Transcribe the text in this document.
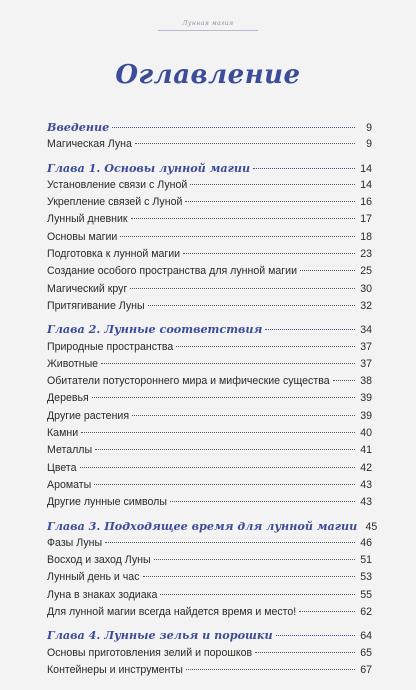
Лунная магия
Оглавление
Введение	9
Магическая Луна	9
Глава 1. Основы лунной магии	14
Установление связи с Луной	14
Укрепление связей с Луной	16
Лунный дневник	17
Основы магии	18
Подготовка к лунной магии	23
Создание особого пространства для лунной магии	25
Магический круг	30
Притягивание Луны	32
Глава 2. Лунные соответствия	34
Природные пространства	37
Животные	37
Обитатели потустороннего мира и мифические существа	38
Деревья	39
Другие растения	39
Камни	40
Металлы	41
Цвета	42
Ароматы	43
Другие лунные символы	43
Глава 3. Подходящее время для лунной магии 45
Фазы Луны	46
Восход и заход Луны	51
Лунный день и час	53
Луна в знаках зодиака	55
Для лунной магии всегда найдется время и место!	62
Глава 4. Лунные зелья и порошки	64
Основы приготовления зелий и порошков	65
Контейнеры и инструменты	67
